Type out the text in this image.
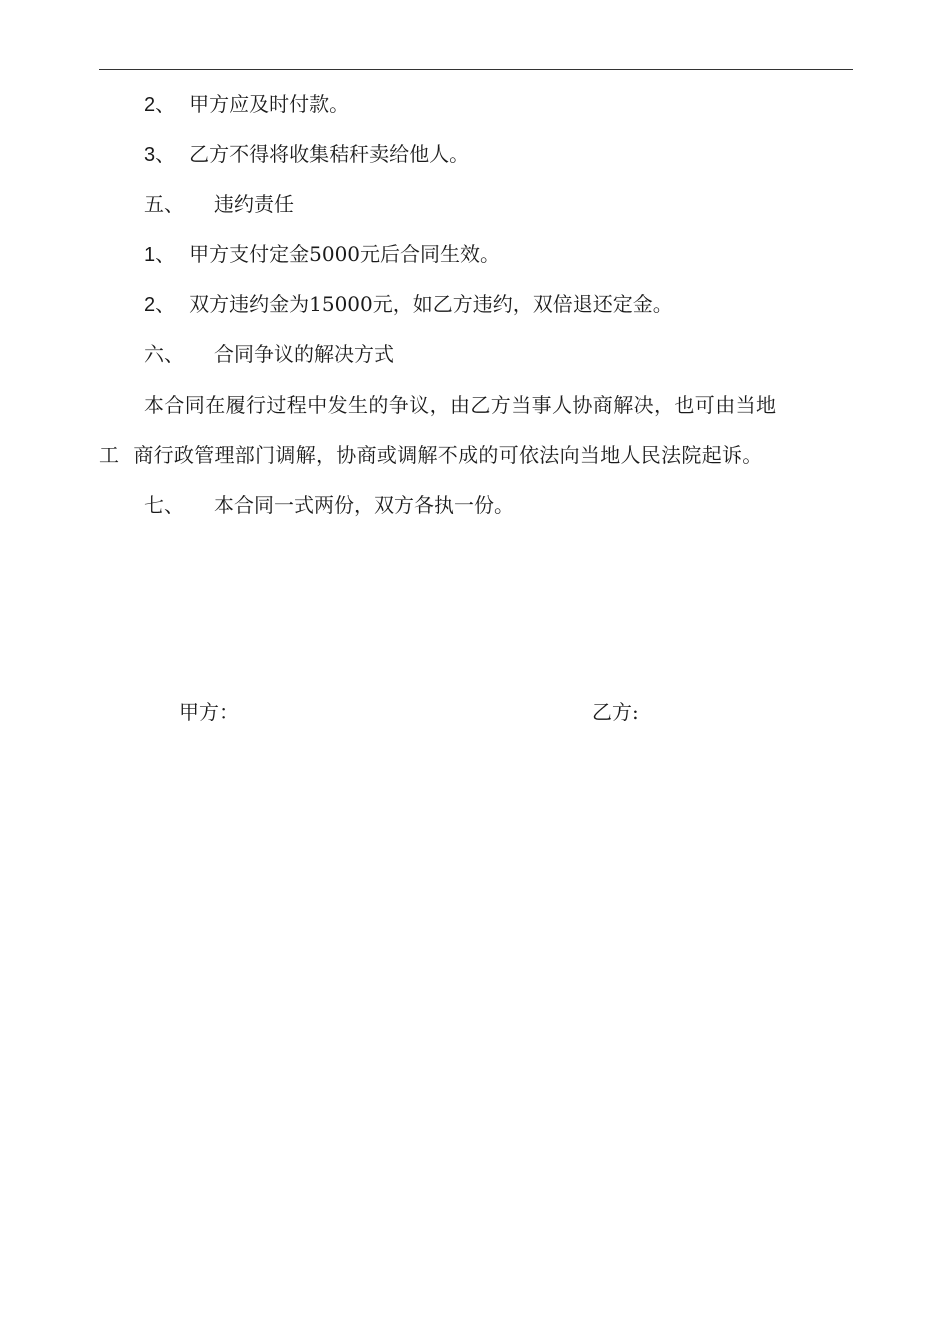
2、 甲方应及时付款。
3、 乙方不得将收集秸秆卖给他人。
五、 违约责任
1、 甲方支付定金5000元后合同生效。
2、 双方违约金为15000元，如乙方违约，双倍退还定金。
六、 合同争议的解决方式
本合同在履行过程中发生的争议，由乙方当事人协商解决，也可由当地
工 商行政管理部门调解，协商或调解不成的可依法向当地人民法院起诉。
七、 本合同一式两份，双方各执一份。
甲方：	乙方:
